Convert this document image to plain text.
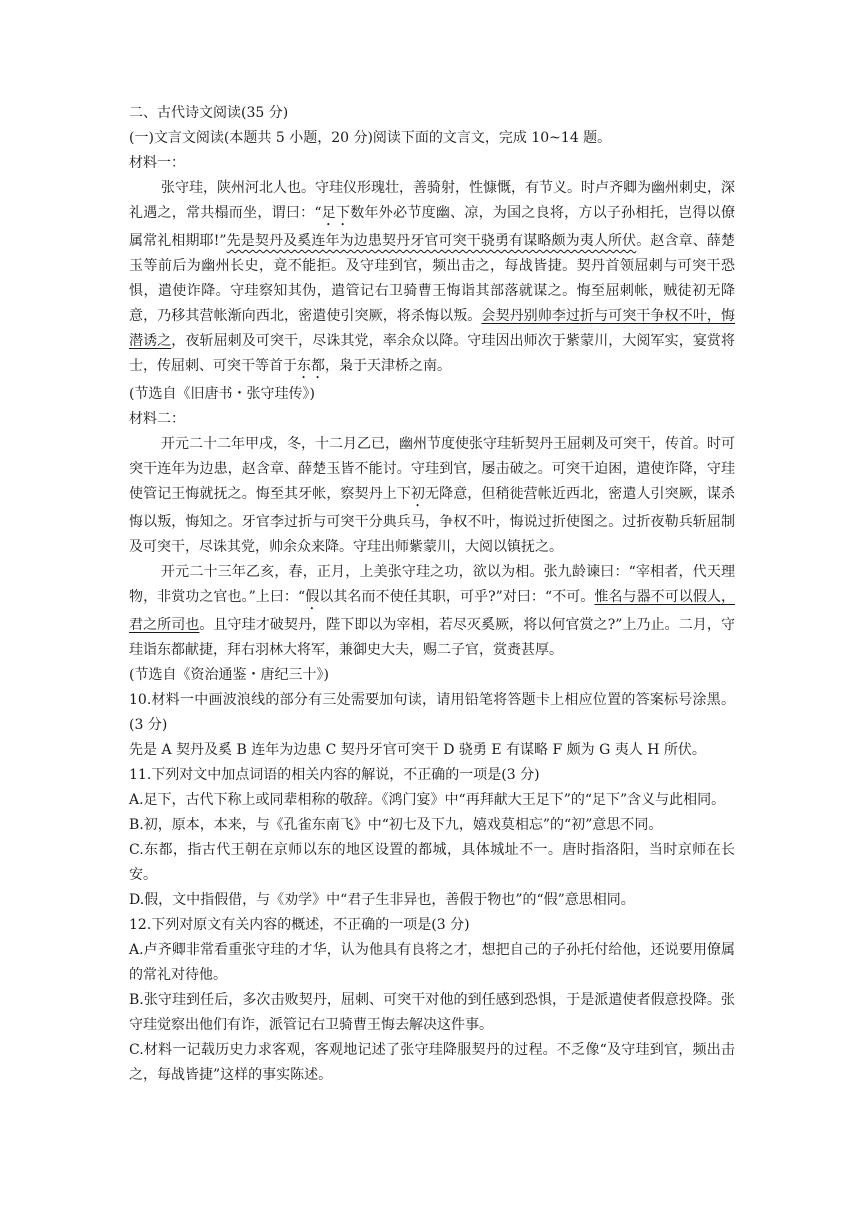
二、古代诗文阅读(35 分)

(一)文言文阅读(本题共 5 小题，20 分)阅读下面的文言文，完成 10~14 题。

材料一：

张守珪，陕州河北人也。守珪仪形瑰壮，善骑射，性慷慨，有节义。时卢齐卿为幽州刺史，深礼遇之，常共榻而坐，谓曰：“足下数年外必节度幽、凉，为国之良将，方以子孙相托，岂得以僚属常礼相期耶!”先是契丹及奚连年为边患契丹牙官可突干骁勇有谋略颇为夷人所伏。赵含章、薛楚玉等前后为幽州长史，竟不能拒。及守珪到官，频出击之，每战皆捷。契丹首领屈刺与可突干恐惧，遣使诈降。守珪察知其伪，遣管记右卫骑曹王悔诣其部落就谋之。悔至屈刺帐，贼徒初无降意，乃移其营帐渐向西北，密遣使引突厥，将杀悔以叛。会契丹别帅李过折与可突干争权不叶，悔潜诱之，夜斩屈刺及可突干，尽诛其党，率余众以降。守珪因出师次于紫蒙川，大阅军实，宴赏将士，传屈刺、可突干等首于东都，枭于天津桥之南。

(节选自《旧唐书・张守珪传》)

材料二：

开元二十二年甲戌，冬，十二月乙已，幽州节度使张守珪斩契丹王屈刺及可突干，传首。时可突干连年为边患，赵含章、薛楚玉皆不能讨。守珪到官，屡击破之。可突干迫困，遣使诈降，守珪使管记王悔就抚之。悔至其牙帐，察契丹上下初无降意，但稍徙营帐近西北，密遣人引突厥，谋杀悔以叛，悔知之。牙官李过折与可突干分典兵马，争权不叶，悔说过折使图之。过折夜勒兵斩屈制及可突干，尽诛其党，帅余众来降。守珪出师紫蒙川，大阅以镇抚之。

开元二十三年乙亥，春，正月，上美张守珪之功，欲以为相。张九龄谏曰：“宰相者，代天理物，非赏功之官也。”上曰：“假以其名而不使任其职，可乎?”对曰：“不可。惟名与器不可以假人，君之所司也。且守珪才破契丹，陛下即以为宰相，若尽灭奚厥，将以何官赏之?”上乃止。二月，守珪诣东都献捷，拜右羽林大将军，兼御史大夫，赐二子官，赏赉甚厚。

(节选自《资治通鉴・唐纪三十》)

10.材料一中画波浪线的部分有三处需要加句读，请用铅笔将答题卡上相应位置的答案标号涂黑。(3 分)

先是 A 契丹及奚 B 连年为边患 C 契丹牙官可突干 D 骁勇 E 有谋略 F 颇为 G 夷人 H 所伏。

11.下列对文中加点词语的相关内容的解说，不正确的一项是(3 分)

A.足下，古代下称上或同辈相称的敬辞。《鸿门宴》中“再拜献大王足下”的“足下”含义与此相同。

B.初，原本，本来，与《孔雀东南飞》中“初七及下九，嬉戏莫相忘”的“初”意思不同。

C.东都，指古代王朝在京师以东的地区设置的都城，具体城址不一。唐时指洛阳，当时京师在长安。

D.假，文中指假借，与《劝学》中“君子生非异也，善假于物也”的“假”意思相同。

12.下列对原文有关内容的概述，不正确的一项是(3 分)

A.卢齐卿非常看重张守珪的才华，认为他具有良将之才，想把自己的子孙托付给他，还说要用僚属的常礼对待他。

B.张守珪到任后，多次击败契丹，屈刺、可突干对他的到任感到恐惧，于是派遣使者假意投降。张守珪觉察出他们有诈，派管记右卫骑曹王悔去解决这件事。

C.材料一记载历史力求客观，客观地记述了张守珪降服契丹的过程。不乏像“及守珪到官，频出击之，每战皆捷”这样的事实陈述。
